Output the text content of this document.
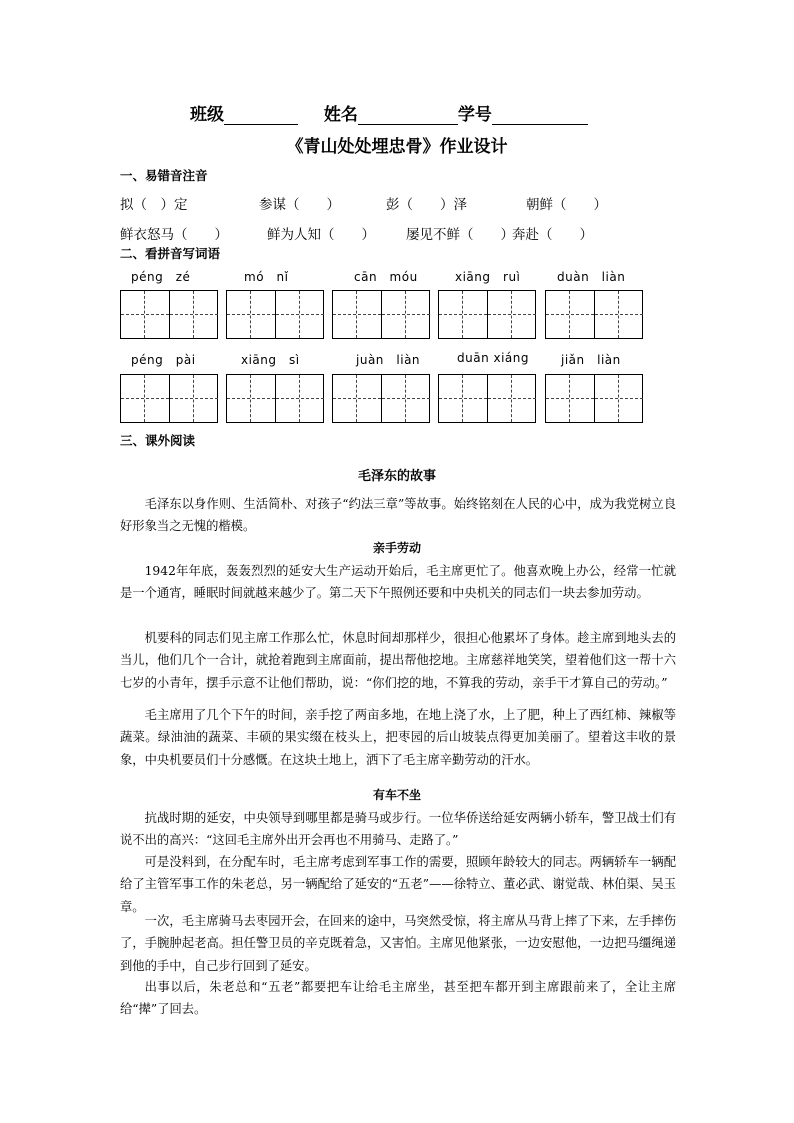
班级	姓名	学号
《青山处处埋忠骨》作业设计
一、易错音注音
拟（　）定	参谋（　　）	彭（　　）泽	朝鲜（　　）
鲜衣怒马（　　）	鲜为人知（　　） 屡见不鲜（　　）
奔赴（　　）
二、看拼音写词语
péng　zé	mó　nǐ	cān　móu	xiāng　ruì	duàn　liàn
péng　pài	xiāng　sì	juàn　liàn	duān xiáng	jiǎn　liàn
三、课外阅读
毛泽东的故事
毛泽东以身作则、生活简朴、对孩子“约法三章”等故事。始终铭刻在人民的心中，成为我党树立良好形象当之无愧的楷模。
亲手劳动
1942年年底，轰轰烈烈的延安大生产运动开始后，毛主席更忙了。他喜欢晚上办公，经常一忙就是一个通宵，睡眠时间就越来越少了。第二天下午照例还要和中央机关的同志们一块去参加劳动。
机要科的同志们见主席工作那么忙，休息时间却那样少，很担心他累坏了身体。趁主席到地头去的当儿，他们几个一合计，就抢着跑到主席面前，提出帮他挖地。主席慈祥地笑笑，望着他们这一帮十六七岁的小青年，摆手示意不让他们帮助，说：“你们挖的地，不算我的劳动，亲手干才算自己的劳动。”
毛主席用了几个下午的时间，亲手挖了两亩多地，在地上浇了水，上了肥，种上了西红柿、辣椒等蔬菜。绿油油的蔬菜、丰硕的果实缀在枝头上，把枣园的后山坡装点得更加美丽了。望着这丰收的景象，中央机要员们十分感慨。在这块土地上，洒下了毛主席辛勤劳动的汗水。
有车不坐
抗战时期的延安，中央领导到哪里都是骑马或步行。一位华侨送给延安两辆小轿车，警卫战士们有说不出的高兴：“这回毛主席外出开会再也不用骑马、走路了。”
可是没料到，在分配车时，毛主席考虑到军事工作的需要，照顾年龄较大的同志。两辆轿车一辆配给了主管军事工作的朱老总，另一辆配给了延安的“五老”——徐特立、董必武、谢觉哉、林伯渠、吴玉章。
一次，毛主席骑马去枣园开会，在回来的途中，马突然受惊，将主席从马背上摔了下来，左手摔伤了，手腕肿起老高。担任警卫员的辛克既着急，又害怕。主席见他紧张，一边安慰他，一边把马缰绳递到他的手中，自己步行回到了延安。
出事以后，朱老总和“五老”都要把车让给毛主席坐，甚至把车都开到主席跟前来了，全让主席给“撵”了回去。
